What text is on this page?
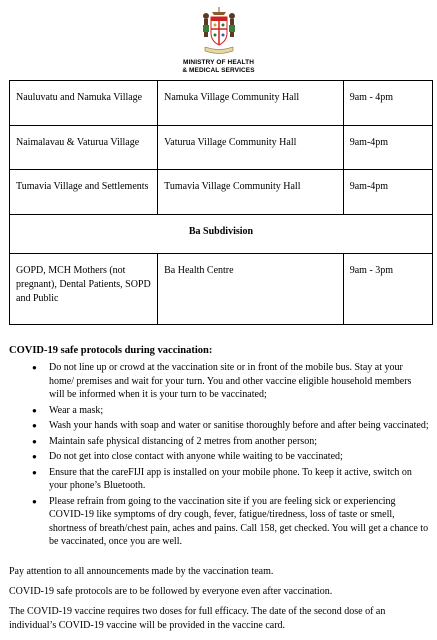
MINISTRY OF HEALTH
& MEDICAL SERVICES
Nauluvatu and Namuka Village	Namuka Village Community Hall	9am - 4pm
Naimalavau & Vaturua Village	Vaturua Village Community Hall	9am-4pm
Tumavia Village and Settlements	Tumavia Village Community Hall	9am-4pm
Ba Subdivision		
GOPD, MCH Mothers (not pregnant), Dental Patients, SOPD and Public	Ba Health Centre	9am - 3pm
COVID-19 safe protocols during vaccination:
● Do not line up or crowd at the vaccination site or in front of the mobile bus. Stay at your home/ premises and wait for your turn. You and other vaccine eligible household members will be informed when it is your turn to be vaccinated;
● Wear a mask;
● Wash your hands with soap and water or sanitise thoroughly before and after being vaccinated;
● Maintain safe physical distancing of 2 metres from another person;
● Do not get into close contact with anyone while waiting to be vaccinated;
● Ensure that the careFIJI app is installed on your mobile phone. To keep it active, switch on your phone’s Bluetooth.
● Please refrain from going to the vaccination site if you are feeling sick or experiencing COVID-19 like symptoms of dry cough, fever, fatigue/tiredness, loss of taste or smell, shortness of breath/chest pain, aches and pains. Call 158, get checked. You will get a chance to be vaccinated, once you are well.

Pay attention to all announcements made by the vaccination team.

COVID-19 safe protocols are to be followed by everyone even after vaccination.

The COVID-19 vaccine requires two doses for full efficacy. The date of the second dose of an individual’s COVID-19 vaccine will be provided in the vaccine card.
